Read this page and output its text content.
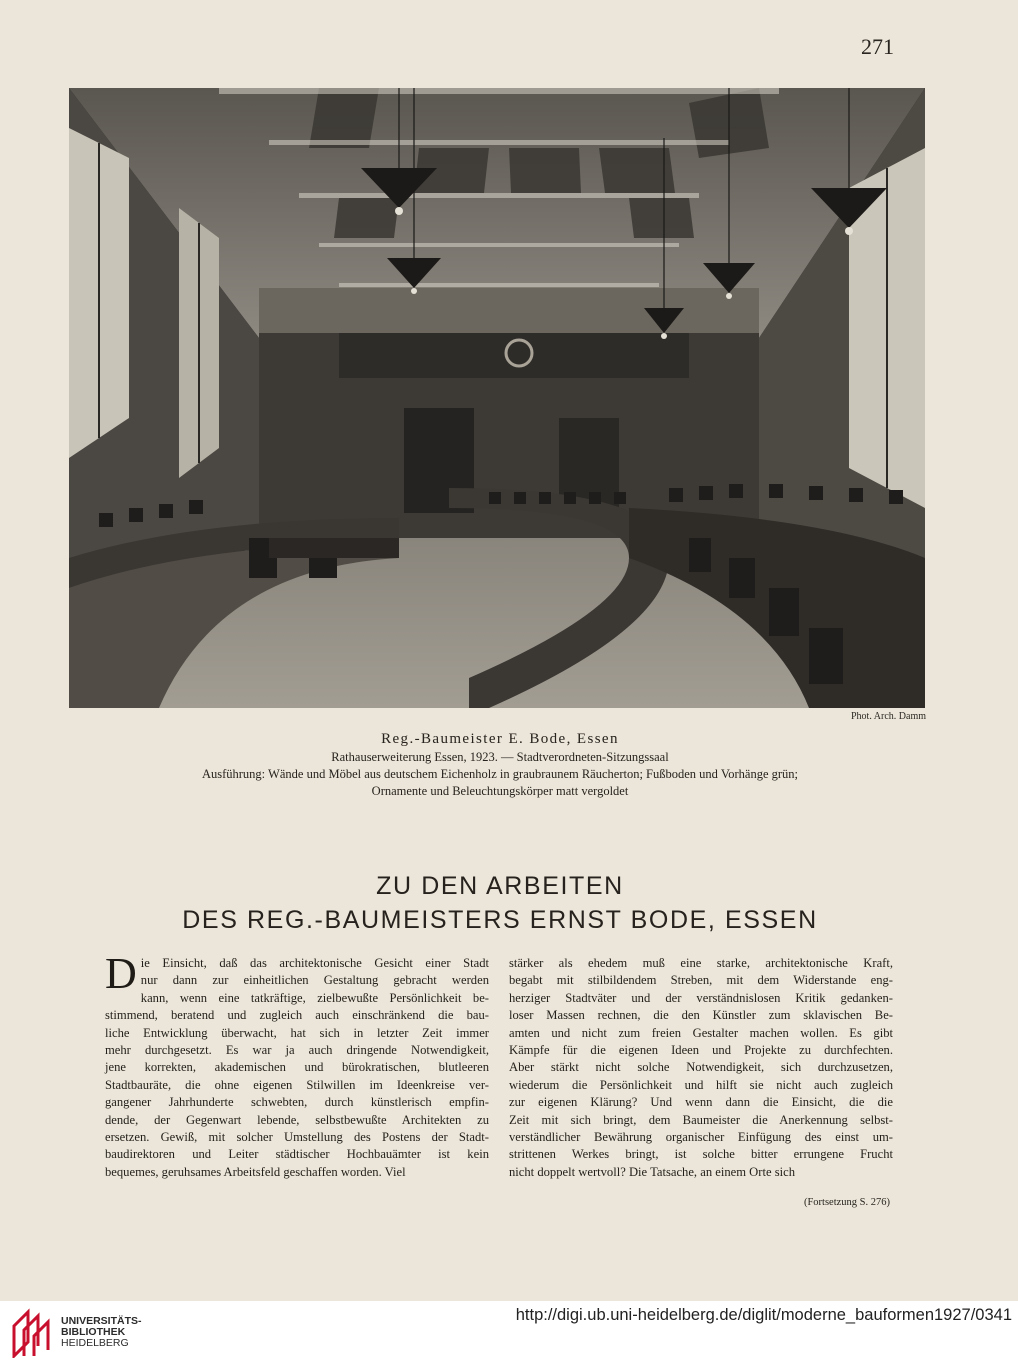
271
Phot. Arch. Damm
Reg.-Baumeister E. Bode, Essen
Rathauserweiterung Essen, 1923. — Stadtverordneten-Sitzungssaal
Ausführung: Wände und Möbel aus deutschem Eichenholz in graubraunem Räucherton; Fußboden und Vorhänge grün;
Ornamente und Beleuchtungskörper matt vergoldet
ZU DEN ARBEITEN
DES REG.-BAUMEISTERS ERNST BODE, ESSEN
D ie Einsicht, daß das architektonische Gesicht einer Stadt
nur dann zur einheitlichen Gestaltung gebracht werden
kann, wenn eine tatkräftige, zielbewußte Persönlichkeit be-
stimmend, beratend und zugleich auch einschränkend die bau-
liche Entwicklung überwacht, hat sich in letzter Zeit immer
mehr durchgesetzt. Es war ja auch dringende Notwendigkeit,
jene korrekten, akademischen und bürokratischen, blutleeren
Stadtbauräte, die ohne eigenen Stilwillen im Ideenkreise ver-
gangener Jahrhunderte schwebten, durch künstlerisch empfin-
dende, der Gegenwart lebende, selbstbewußte Architekten zu
ersetzen. Gewiß, mit solcher Umstellung des Postens der Stadt-
baudirektoren und Leiter städtischer Hochbauämter ist kein
bequemes, geruhsames Arbeitsfeld geschaffen worden. Viel
stärker als ehedem muß eine starke, architektonische Kraft,
begabt mit stilbildendem Streben, mit dem Widerstande eng-
herziger Stadtväter und der verständnislosen Kritik gedanken-
loser Massen rechnen, die den Künstler zum sklavischen Be-
amten und nicht zum freien Gestalter machen wollen. Es gibt
Kämpfe für die eigenen Ideen und Projekte zu durchfechten.
Aber stärkt nicht solche Notwendigkeit, sich durchzusetzen,
wiederum die Persönlichkeit und hilft sie nicht auch zugleich
zur eigenen Klärung? Und wenn dann die Einsicht, die die
Zeit mit sich bringt, dem Baumeister die Anerkennung selbst-
verständlicher Bewährung organischer Einfügung des einst um-
strittenen Werkes bringt, ist solche bitter errungene Frucht
nicht doppelt wertvoll? Die Tatsache, an einem Orte sich
(Fortsetzung S. 276)
UNIVERSITÄTS-
BIBLIOTHEK
HEIDELBERG
http://digi.ub.uni-heidelberg.de/diglit/moderne_bauformen1927/0341
